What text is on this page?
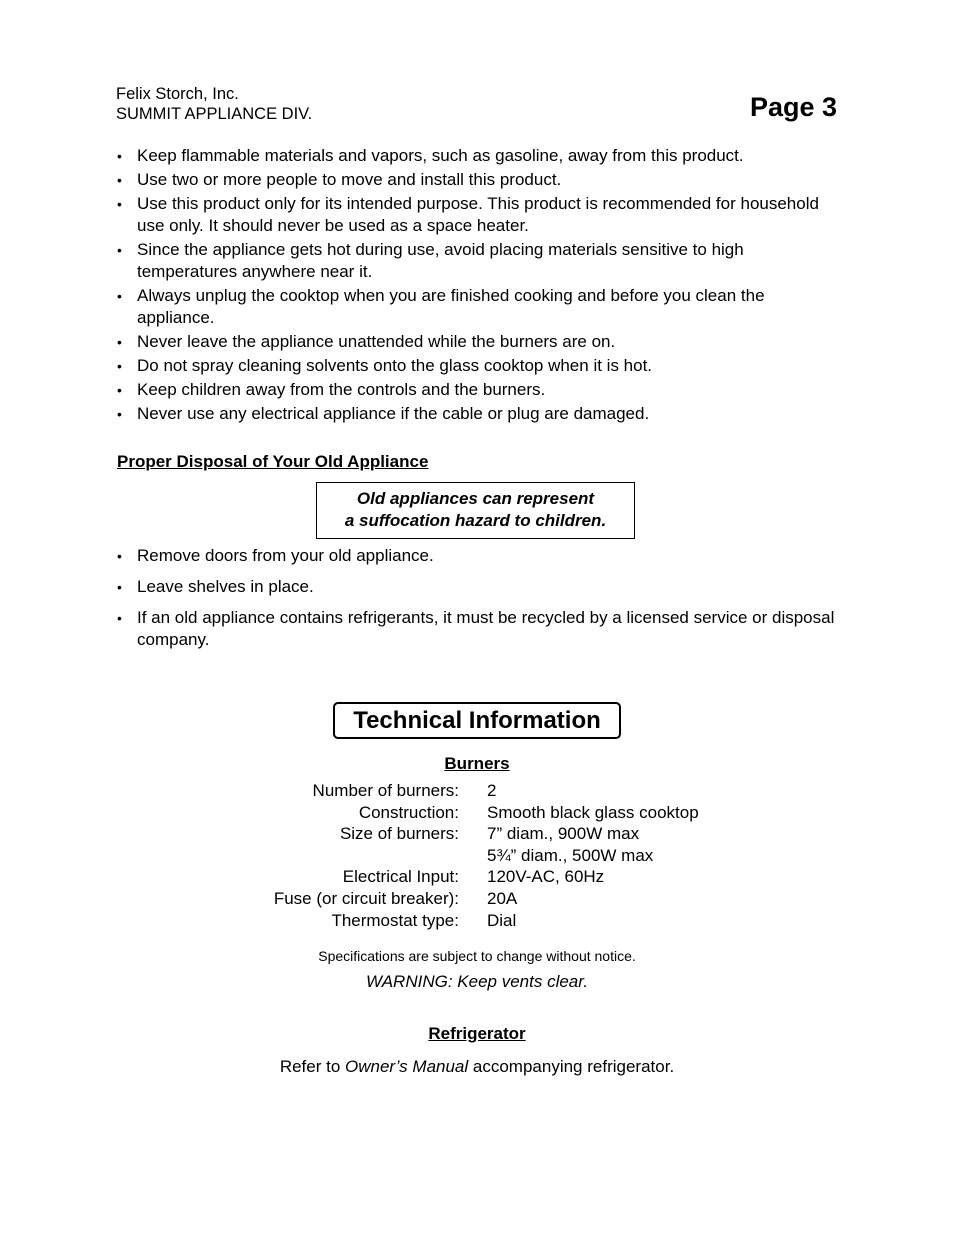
Felix Storch, Inc.
SUMMIT APPLIANCE DIV.	Page 3
• Keep flammable materials and vapors, such as gasoline, away from this product.
• Use two or more people to move and install this product.
• Use this product only for its intended purpose. This product is recommended for household use only. It should never be used as a space heater.
• Since the appliance gets hot during use, avoid placing materials sensitive to high temperatures anywhere near it.
• Always unplug the cooktop when you are finished cooking and before you clean the appliance.
• Never leave the appliance unattended while the burners are on.
• Do not spray cleaning solvents onto the glass cooktop when it is hot.
• Keep children away from the controls and the burners.
• Never use any electrical appliance if the cable or plug are damaged.
Proper Disposal of Your Old Appliance
Old appliances can represent
a suffocation hazard to children.
• Remove doors from your old appliance.
• Leave shelves in place.
• If an old appliance contains refrigerants, it must be recycled by a licensed service or disposal company.
Technical Information
Burners
Number of burners:	2
Construction:	Smooth black glass cooktop
Size of burners:	7” diam., 900W max

5¾” diam., 500W max
Electrical Input:	120V-AC, 60Hz
Fuse (or circuit breaker):	20A
Thermostat type:	Dial
Specifications are subject to change without notice.
WARNING: Keep vents clear.
Refrigerator
Refer to Owner’s Manual accompanying refrigerator.
